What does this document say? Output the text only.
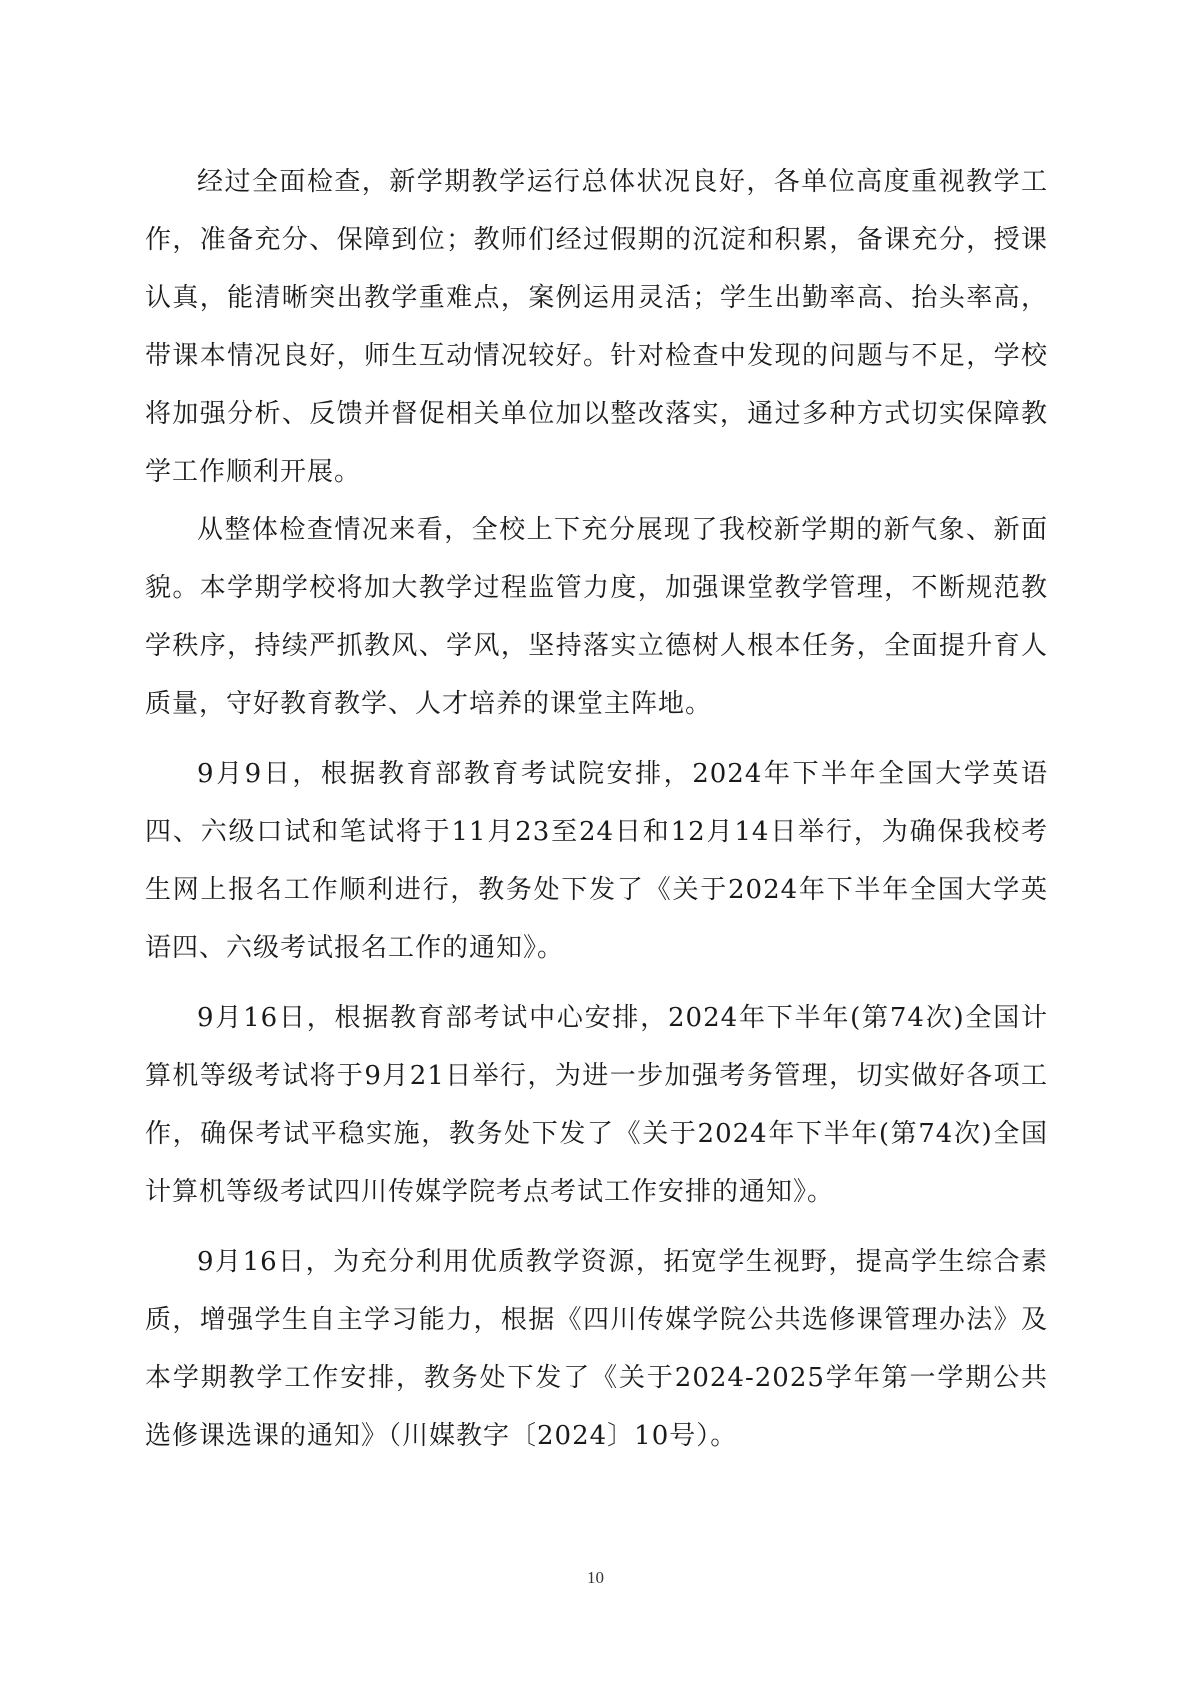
经过全面检查，新学期教学运行总体状况良好，各单位高度重视教学工作，准备充分、保障到位；教师们经过假期的沉淀和积累，备课充分，授课认真，能清晰突出教学重难点，案例运用灵活；学生出勤率高、抬头率高，带课本情况良好，师生互动情况较好。针对检查中发现的问题与不足，学校将加强分析、反馈并督促相关单位加以整改落实，通过多种方式切实保障教学工作顺利开展。

从整体检查情况来看，全校上下充分展现了我校新学期的新气象、新面貌。本学期学校将加大教学过程监管力度，加强课堂教学管理，不断规范教学秩序，持续严抓教风、学风，坚持落实立德树人根本任务，全面提升育人质量，守好教育教学、人才培养的课堂主阵地。

9月9日，根据教育部教育考试院安排，2024年下半年全国大学英语四、六级口试和笔试将于11月23至24日和12月14日举行，为确保我校考生网上报名工作顺利进行，教务处下发了《关于2024年下半年全国大学英语四、六级考试报名工作的通知》。

9月16日，根据教育部考试中心安排，2024年下半年(第74次)全国计算机等级考试将于9月21日举行，为进一步加强考务管理，切实做好各项工作，确保考试平稳实施，教务处下发了《关于2024年下半年(第74次)全国计算机等级考试四川传媒学院考点考试工作安排的通知》。

9月16日，为充分利用优质教学资源，拓宽学生视野，提高学生综合素质，增强学生自主学习能力，根据《四川传媒学院公共选修课管理办法》及本学期教学工作安排，教务处下发了《关于2024-2025学年第一学期公共选修课选课的通知》（川媒教字〔2024〕10号）。

10
